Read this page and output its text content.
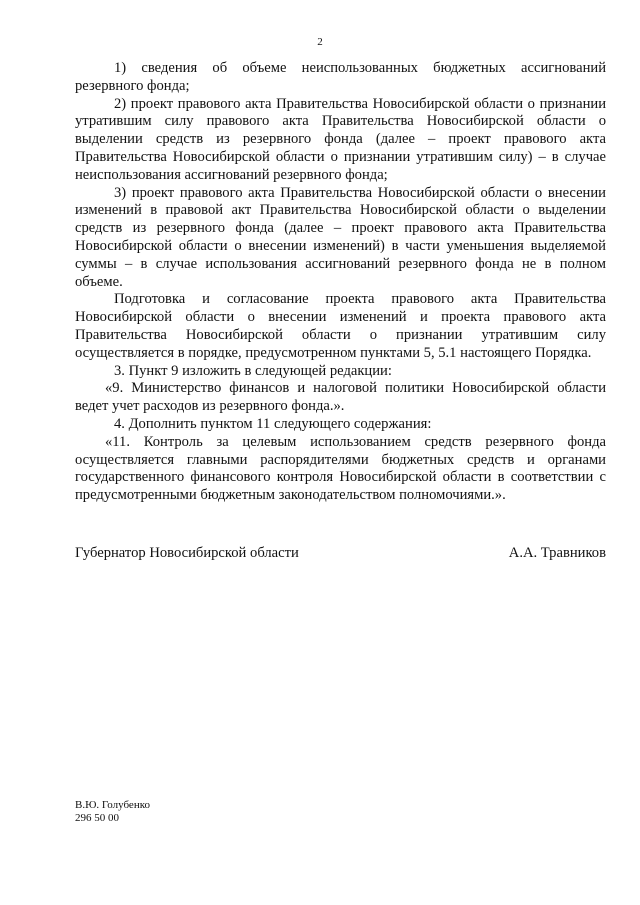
2

1) сведения об объеме неиспользованных бюджетных ассигнований резервного фонда;

2) проект правового акта Правительства Новосибирской области о признании утратившим силу правового акта Правительства Новосибирской области о выделении средств из резервного фонда (далее – проект правового акта Правительства Новосибирской области о признании утратившим силу) – в случае неиспользования ассигнований резервного фонда;

3) проект правового акта Правительства Новосибирской области о внесении изменений в правовой акт Правительства Новосибирской области о выделении средств из резервного фонда (далее – проект правового акта Правительства Новосибирской области о внесении изменений) в части уменьшения выделяемой суммы – в случае использования ассигнований резервного фонда не в полном объеме.

Подготовка и согласование проекта правового акта Правительства Новосибирской области о внесении изменений и проекта правового акта Правительства Новосибирской области о признании утратившим силу осуществляется в порядке, предусмотренном пунктами 5, 5.1 настоящего Порядка.

3. Пункт 9 изложить в следующей редакции:

«9. Министерство финансов и налоговой политики Новосибирской области ведет учет расходов из резервного фонда.».

4. Дополнить пунктом 11 следующего содержания:

«11. Контроль за целевым использованием средств резервного фонда осуществляется главными распорядителями бюджетных средств и органами государственного финансового контроля Новосибирской области в соответствии с предусмотренными бюджетным законодательством полномочиями.».

Губернатор Новосибирской области	А.А. Травников
В.Ю. Голубенко
296 50 00
